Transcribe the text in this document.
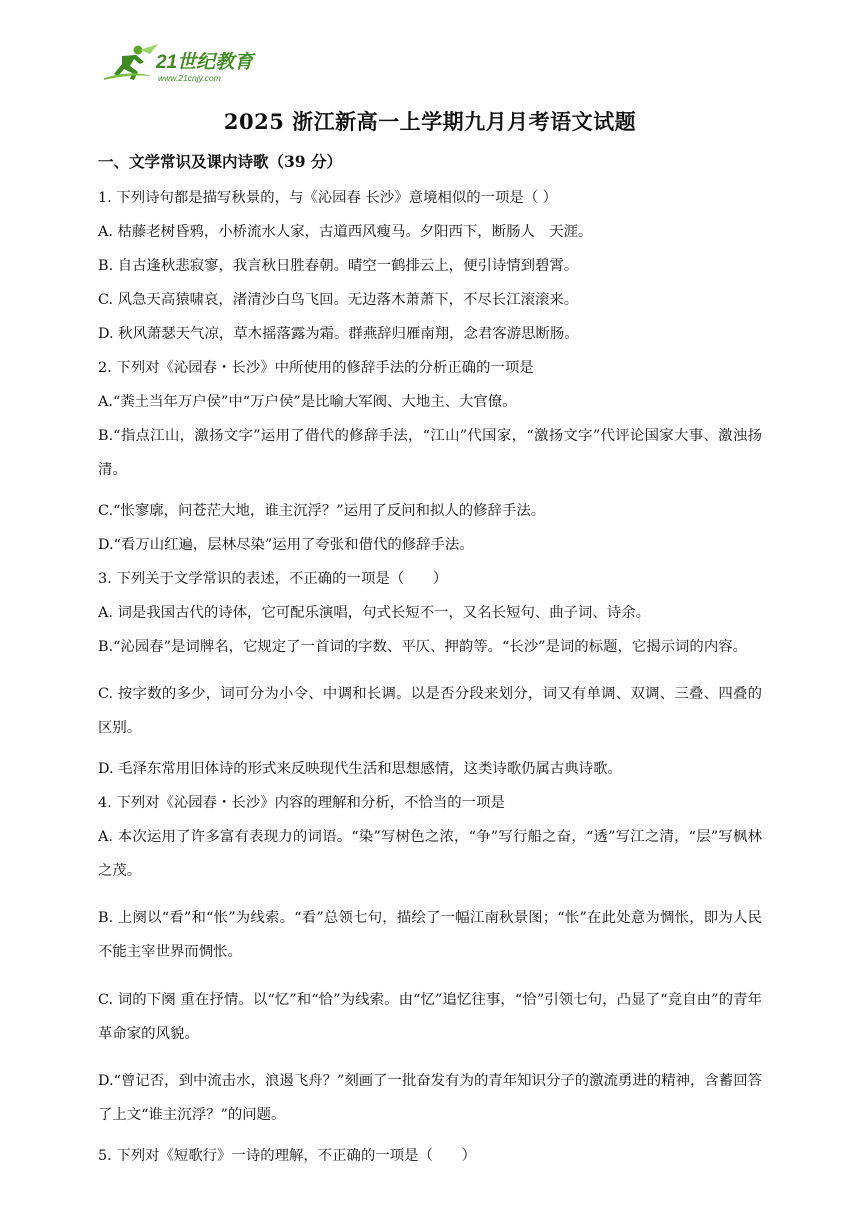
21世纪教育
www.21cnjy.com
2025 浙江新高一上学期九月月考语文试题
一、文学常识及课内诗歌（39 分）
1. 下列诗句都是描写秋景的，与《沁园春 长沙》意境相似的一项是（ ）
A. 枯藤老树昏鸦，小桥流水人家，古道西风瘦马。夕阳西下，断肠人　天涯。
B. 自古逢秋悲寂寥，我言秋日胜春朝。晴空一鹤排云上，便引诗情到碧霄。
C. 风急天高猿啸哀，渚清沙白鸟飞回。无边落木萧萧下，不尽长江滚滚来。
D. 秋风萧瑟天气凉，草木摇落露为霜。群燕辞归雁南翔，念君客游思断肠。
2. 下列对《沁园春・长沙》中所使用的修辞手法的分析正确的一项是
A.“粪土当年万户侯”中“万户侯”是比喻大军阀、大地主、大官僚。
B.“指点江山，激扬文字”运用了借代的修辞手法，“江山”代国家，“激扬文字”代评论国家大事、激浊扬清。
C.“怅寥廓，问苍茫大地，谁主沉浮？”运用了反问和拟人的修辞手法。
D.“看万山红遍，层林尽染”运用了夸张和借代的修辞手法。
3. 下列关于文学常识的表述，不正确的一项是（　　）
A. 词是我国古代的诗体，它可配乐演唱，句式长短不一，又名长短句、曲子词、诗余。
B.“沁园春”是词牌名，它规定了一首词的字数、平仄、押韵等。“长沙”是词的标题，它揭示词的内容。
C. 按字数的多少，词可分为小令、中调和长调。以是否分段来划分，词又有单调、双调、三叠、四叠的区别。
D. 毛泽东常用旧体诗的形式来反映现代生活和思想感情，这类诗歌仍属古典诗歌。
4. 下列对《沁园春・长沙》内容的理解和分析，不恰当的一项是
A. 本次运用了许多富有表现力的词语。“染”写树色之浓，“争”写行船之奋，“透”写江之清，“层”写枫林之茂。
B. 上阕以“看”和“怅”为线索。“看”总领七句，描绘了一幅江南秋景图；“怅”在此处意为惆怅，即为人民不能主宰世界而惆怅。
C. 词的下阕 重在抒情。以“忆”和“恰”为线索。由“忆”追忆往事，“恰”引领七句，凸显了“竞自由”的青年革命家的风貌。
D.“曾记否，到中流击水，浪遏飞舟？”刻画了一批奋发有为的青年知识分子的激流勇进的精神，含蓄回答了上文“谁主沉浮？”的问题。
5. 下列对《短歌行》一诗的理解，不正确的一项是（　　）
